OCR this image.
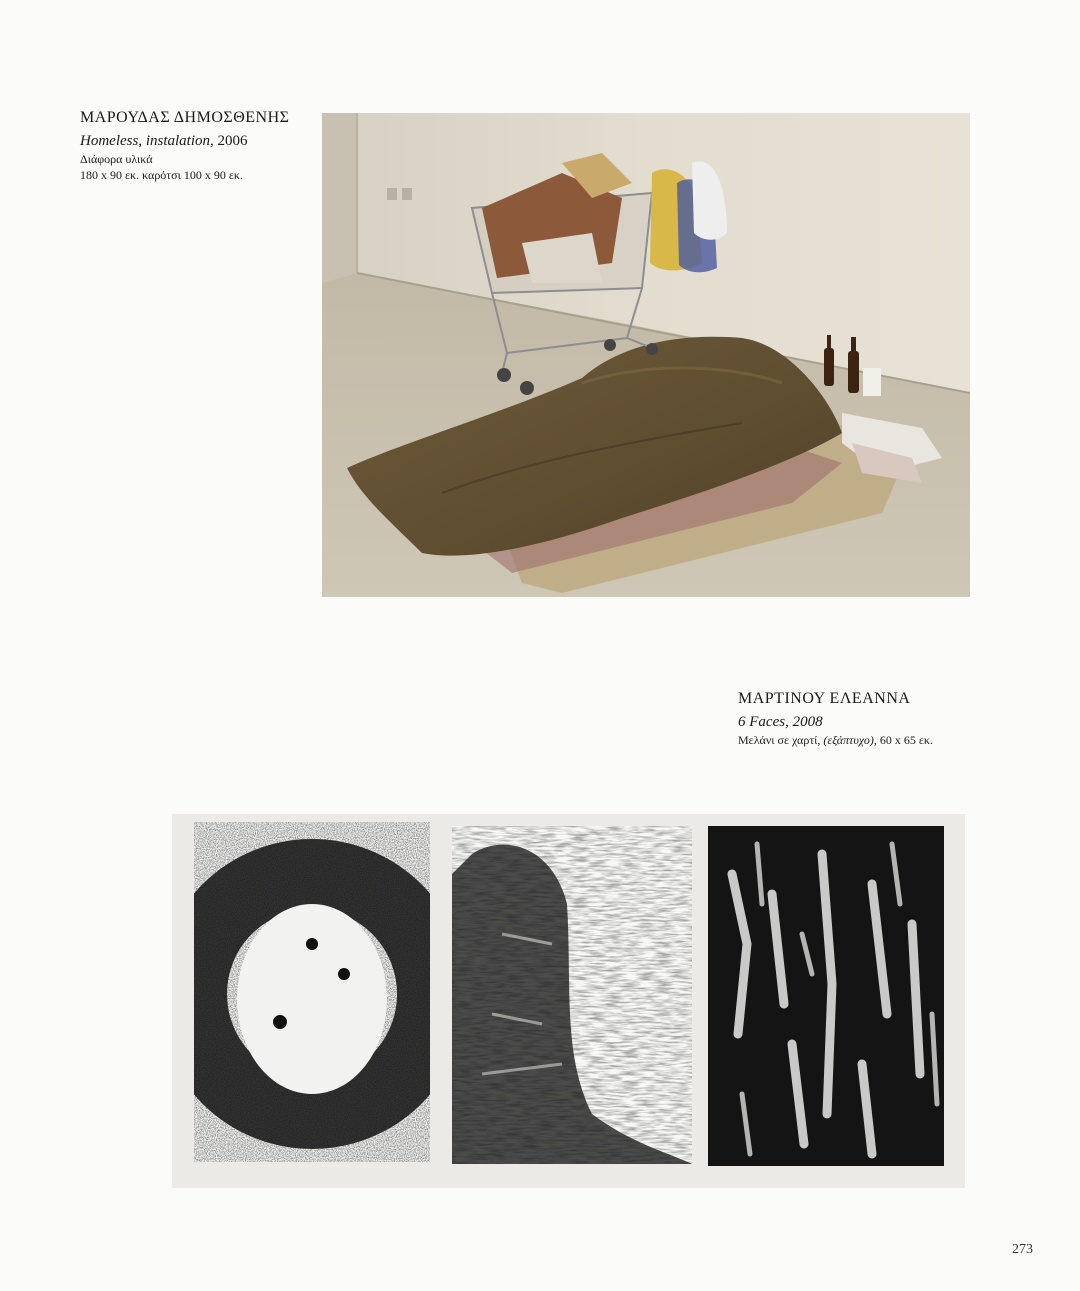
ΜΑΡΟΥΔΑΣ ΔΗΜΟΣΘΕΝΗΣ
Homeless, instalation, 2006
Διάφορα υλικά
180 x 90 εκ. καρότσι 100 x 90 εκ.
ΜΑΡΤΙΝΟΥ ΕΛΕΑΝΝΑ
6 Faces, 2008
Μελάνι σε χαρτί, (εξάπτυχο), 60 x 65 εκ.
273
